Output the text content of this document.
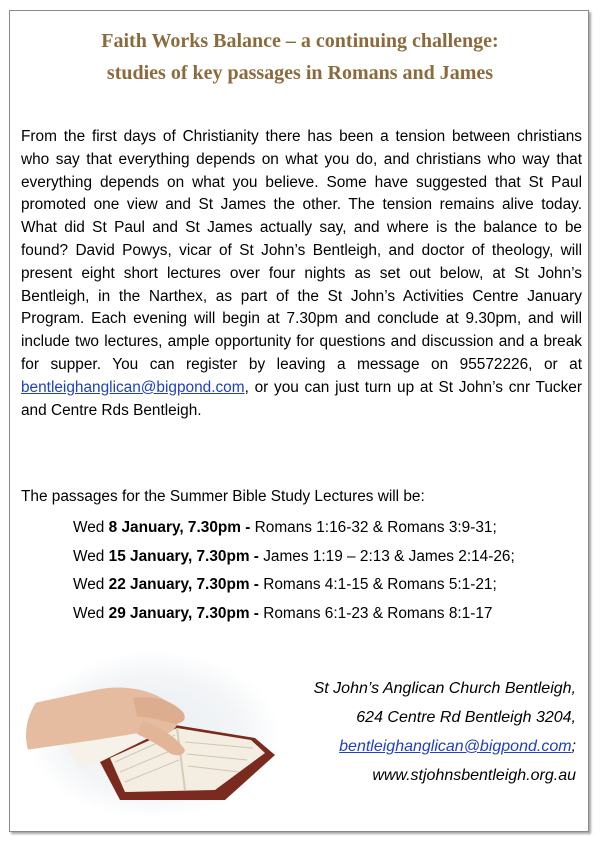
Faith Works Balance – a continuing challenge:
studies of key passages in Romans and James
From the first days of Christianity there has been a tension between christians who say that everything depends on what you do, and christians who way that everything depends on what you believe. Some have suggested that St Paul promoted one view and St James the other. The tension remains alive today. What did St Paul and St James actually say, and where is the balance to be found? David Powys, vicar of St John’s Bentleigh, and doctor of theology, will present eight short lectures over four nights as set out below, at St John’s Bentleigh, in the Narthex, as part of the St John’s Activities Centre January Program. Each evening will begin at 7.30pm and conclude at 9.30pm, and will include two lectures, ample opportunity for questions and discussion and a break for supper. You can register by leaving a message on 95572226, or at bentleighanglican@bigpond.com, or you can just turn up at St John’s cnr Tucker and Centre Rds Bentleigh.
The passages for the Summer Bible Study Lectures will be:
Wed 8 January, 7.30pm - Romans 1:16-32 & Romans 3:9-31;
Wed 15 January, 7.30pm - James 1:19 – 2:13 & James 2:14-26;
Wed 22 January, 7.30pm - Romans 4:1-15 & Romans 5:1-21;
Wed 29 January, 7.30pm - Romans 6:1-23 & Romans 8:1-17
St John’s Anglican Church Bentleigh,
624 Centre Rd Bentleigh 3204,
bentleighanglican@bigpond.com;
www.stjohnsbentleigh.org.au
